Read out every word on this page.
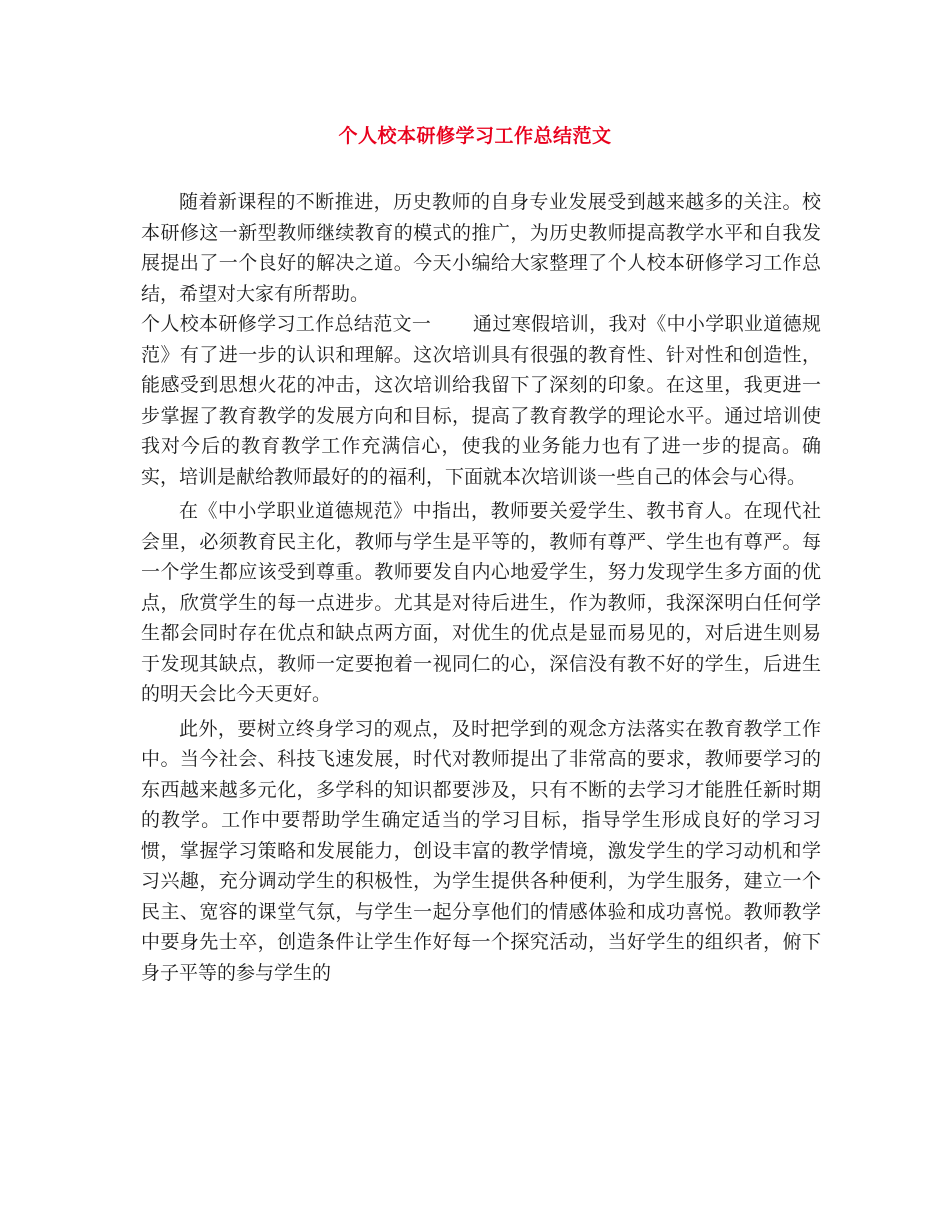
个人校本研修学习工作总结范文

随着新课程的不断推进，历史教师的自身专业发展受到越来越多的关注。校本研修这一新型教师继续教育的模式的推广，为历史教师提高教学水平和自我发展提出了一个良好的解决之道。今天小编给大家整理了个人校本研修学习工作总结，希望对大家有所帮助。

个人校本研修学习工作总结范文一 通过寒假培训，我对《中小学职业道德规范》有了进一步的认识和理解。这次培训具有很强的教育性、针对性和创造性，能感受到思想火花的冲击，这次培训给我留下了深刻的印象。在这里，我更进一步掌握了教育教学的发展方向和目标，提高了教育教学的理论水平。通过培训使我对今后的教育教学工作充满信心，使我的业务能力也有了进一步的提高。确实，培训是献给教师最好的的福利，下面就本次培训谈一些自己的体会与心得。

在《中小学职业道德规范》中指出，教师要关爱学生、教书育人。在现代社会里，必须教育民主化，教师与学生是平等的，教师有尊严、学生也有尊严。每一个学生都应该受到尊重。教师要发自内心地爱学生，努力发现学生多方面的优点，欣赏学生的每一点进步。尤其是对待后进生，作为教师，我深深明白任何学生都会同时存在优点和缺点两方面，对优生的优点是显而易见的，对后进生则易于发现其缺点，教师一定要抱着一视同仁的心，深信没有教不好的学生，后进生的明天会比今天更好。

此外，要树立终身学习的观点，及时把学到的观念方法落实在教育教学工作中。当今社会、科技飞速发展，时代对教师提出了非常高的要求，教师要学习的东西越来越多元化，多学科的知识都要涉及，只有不断的去学习才能胜任新时期的教学。工作中要帮助学生确定适当的学习目标，指导学生形成良好的学习习惯，掌握学习策略和发展能力，创设丰富的教学情境，激发学生的学习动机和学习兴趣，充分调动学生的积极性，为学生提供各种便利，为学生服务，建立一个民主、宽容的课堂气氛，与学生一起分享他们的情感体验和成功喜悦。教师教学中要身先士卒，创造条件让学生作好每一个探究活动，当好学生的组织者，俯下身子平等的参与学生的
